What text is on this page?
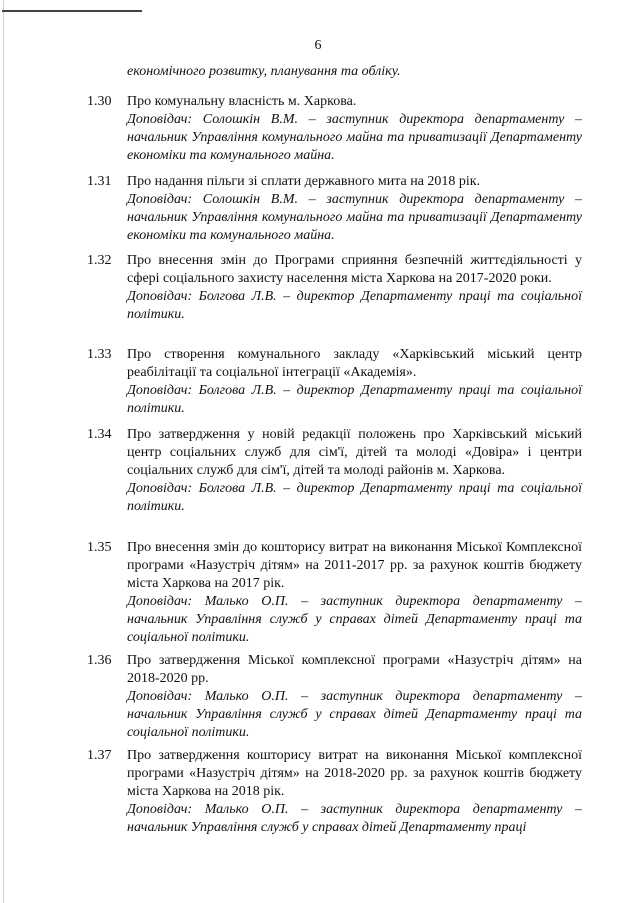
6
економічного розвитку, планування та обліку.
1.30 Про комунальну власність м. Харкова.

Доповідач: Солошкін В.М. – заступник директора департаменту – начальник Управління комунального майна та приватизації Департаменту економіки та комунального майна.

1.31 Про надання пільги зі сплати державного мита на 2018 рік.

Доповідач: Солошкін В.М. – заступник директора департаменту – начальник Управління комунального майна та приватизації Департаменту економіки та комунального майна.

1.32 Про внесення змін до Програми сприяння безпечній життєдіяльності у сфері соціального захисту населення міста Харкова на 2017-2020 роки.

Доповідач: Болгова Л.В. – директор Департаменту праці та соціальної політики.

1.33 Про створення комунального закладу «Харківський міський центр реабілітації та соціальної інтеграції «Академія».

Доповідач: Болгова Л.В. – директор Департаменту праці та соціальної політики.

1.34 Про затвердження у новій редакції положень про Харківський міський центр соціальних служб для сім'ї, дітей та молоді «Довіра» і центри соціальних служб для сім'ї, дітей та молоді районів м. Харкова.

Доповідач: Болгова Л.В. – директор Департаменту праці та соціальної політики.

1.35 Про внесення змін до кошторису витрат на виконання Міської Комплексної програми «Назустріч дітям» на 2011-2017 рр. за рахунок коштів бюджету міста Харкова на 2017 рік.

Доповідач: Малько О.П. – заступник директора департаменту – начальник Управління служб у справах дітей Департаменту праці та соціальної політики.

1.36 Про затвердження Міської комплексної програми «Назустріч дітям» на 2018-2020 рр.

Доповідач: Малько О.П. – заступник директора департаменту – начальник Управління служб у справах дітей Департаменту праці та соціальної політики.

1.37 Про затвердження кошторису витрат на виконання Міської комплексної програми «Назустріч дітям» на 2018-2020 рр. за рахунок коштів бюджету міста Харкова на 2018 рік.

Доповідач: Малько О.П. – заступник директора департаменту – начальник Управління служб у справах дітей Департаменту праці
